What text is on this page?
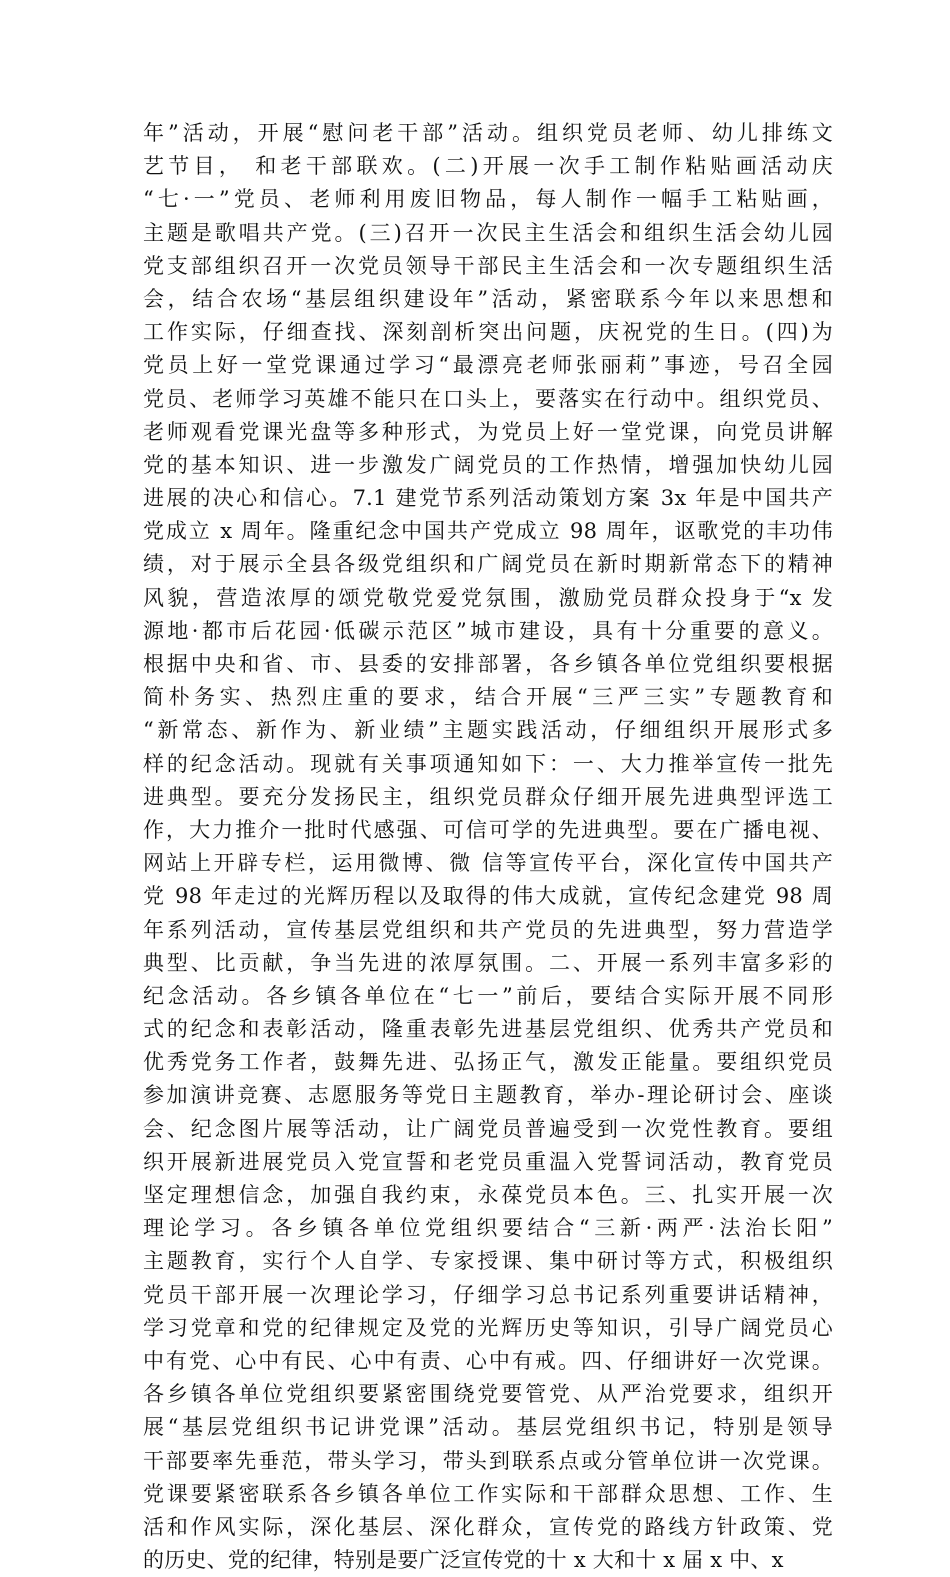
年”活动，开展“慰问老干部”活动。组织党员老师、幼儿排练文
艺节目， 和老干部联欢。(二)开展一次手工制作粘贴画活动庆
“七·一”党员、老师利用废旧物品，每人制作一幅手工粘贴画，
主题是歌唱共产党。(三)召开一次民主生活会和组织生活会幼儿园
党支部组织召开一次党员领导干部民主生活会和一次专题组织生活
会，结合农场“基层组织建设年”活动，紧密联系今年以来思想和
工作实际，仔细查找、深刻剖析突出问题，庆祝党的生日。(四)为
党员上好一堂党课通过学习“最漂亮老师张丽莉”事迹，号召全园
党员、老师学习英雄不能只在口头上，要落实在行动中。组织党员、
老师观看党课光盘等多种形式，为党员上好一堂党课，向党员讲解
党的基本知识、进一步激发广阔党员的工作热情，增强加快幼儿园
进展的决心和信心。7.1 建党节系列活动策划方案 3x 年是中国共产
党成立 x 周年。隆重纪念中国共产党成立 98 周年，讴歌党的丰功伟
绩，对于展示全县各级党组织和广阔党员在新时期新常态下的精神
风貌，营造浓厚的颂党敬党爱党氛围，激励党员群众投身于“x 发
源地·都市后花园·低碳示范区”城市建设，具有十分重要的意义。
根据中央和省、市、县委的安排部署，各乡镇各单位党组织要根据
简朴务实、热烈庄重的要求，结合开展“三严三实”专题教育和
“新常态、新作为、新业绩”主题实践活动，仔细组织开展形式多
样的纪念活动。现就有关事项通知如下：一、大力推举宣传一批先
进典型。要充分发扬民主，组织党员群众仔细开展先进典型评选工
作，大力推介一批时代感强、可信可学的先进典型。要在广播电视、
网站上开辟专栏，运用微博、微 信等宣传平台，深化宣传中国共产
党 98 年走过的光辉历程以及取得的伟大成就，宣传纪念建党 98 周
年系列活动，宣传基层党组织和共产党员的先进典型，努力营造学
典型、比贡献，争当先进的浓厚氛围。二、开展一系列丰富多彩的
纪念活动。各乡镇各单位在“七一”前后，要结合实际开展不同形
式的纪念和表彰活动，隆重表彰先进基层党组织、优秀共产党员和
优秀党务工作者，鼓舞先进、弘扬正气，激发正能量。要组织党员
参加演讲竞赛、志愿服务等党日主题教育，举办-理论研讨会、座谈
会、纪念图片展等活动，让广阔党员普遍受到一次党性教育。要组
织开展新进展党员入党宣誓和老党员重温入党誓词活动，教育党员
坚定理想信念，加强自我约束，永葆党员本色。三、扎实开展一次
理论学习。各乡镇各单位党组织要结合“三新·两严·法治长阳”
主题教育，实行个人自学、专家授课、集中研讨等方式，积极组织
党员干部开展一次理论学习，仔细学习总书记系列重要讲话精神，
学习党章和党的纪律规定及党的光辉历史等知识，引导广阔党员心
中有党、心中有民、心中有责、心中有戒。四、仔细讲好一次党课。
各乡镇各单位党组织要紧密围绕党要管党、从严治党要求，组织开
展“基层党组织书记讲党课”活动。基层党组织书记，特别是领导
干部要率先垂范，带头学习，带头到联系点或分管单位讲一次党课。
党课要紧密联系各乡镇各单位工作实际和干部群众思想、工作、生
活和作风实际，深化基层、深化群众，宣传党的路线方针政策、党
的历史、党的纪律，特别是要广泛宣传党的十 x 大和十 x 届 x 中、x
